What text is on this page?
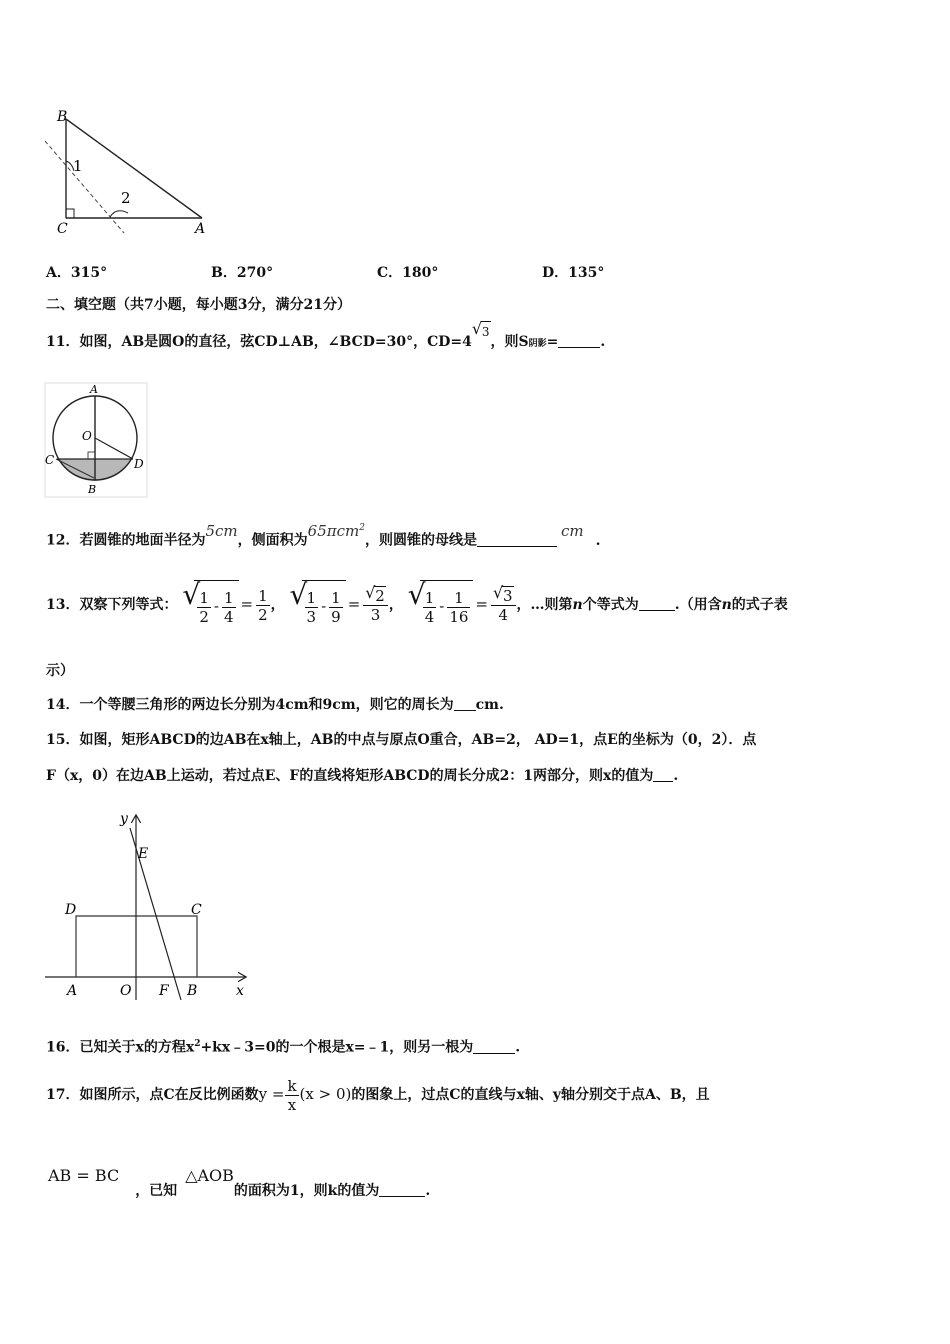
B
C	A
1
2
A．315°	B．270°	C．180°	D．135°
二、填空题（共7小题，每小题3分，满分21分）
11．如图，AB是圆O的直径，弦CD⊥AB，∠BCD=30°，CD=4√ 3，则S阴影=	.
A
O
C	D
B
12．若圆锥的地面半径为5cm，侧面积为65πcm$^2$，则圆锥的母线是cm.
13．双察下列等式： √ $\frac{1}{2} - \frac{1}{4} = \frac{1}{2}$ ， √ $\frac{1}{3} - \frac{1}{9}$ = √ $\frac{2}{3}$ ， √ $\frac{1}{4} - \frac{1}{16}$ = √ $\frac{3}{4}$ ，…则第n个等式为	.（用含n的式子表
示）
14．一个等腰三角形的两边长分别为4cm和9cm，则它的周长为 cm.
15．如图，矩形ABCD的边AB在x轴上，AB的中点与原点O重合，AB=2， AD=1，点E的坐标为（0，2）．点
F（x，0）在边AB上运动，若过点E、F的直线将矩形ABCD的周长分成2：1两部分，则x的值为 .
y
E
D	C
A	O F B	x
16．已知关于x的方程$x^2+kx﹣3=0$的一个根是x=﹣1，则另一根为	.
17．如图所示，点C在反比例函数$y = \frac{k}{x} (x > 0)$的图象上，过点C的直线与x轴、y轴分别交于点A、B，且
AB = BC，已知△AOB的面积为1，则k的值为	.
